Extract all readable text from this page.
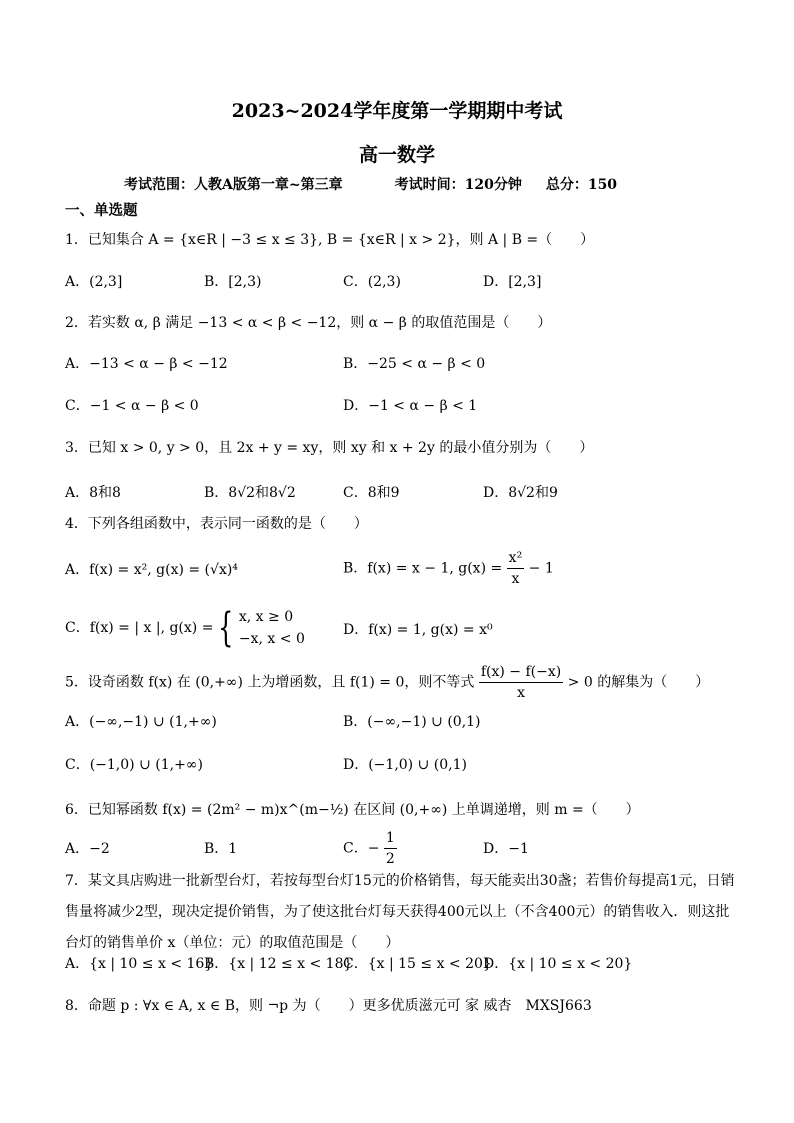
2023~2024学年度第一学期期中考试
高一数学
考试范围：人教A版第一章~第三章	考试时间：120分钟 总分：150
一、单选题
1．已知集合 A = {x∈R | −3 ≤ x ≤ 3}, B = {x∈R | x > 2}，则 A | B =（　　）
A．(2,3]	B．[2,3)	C．(2,3)	D．[2,3]
2．若实数 α, β 满足 −13 < α < β < −12，则 α − β 的取值范围是（　　）
A．−13 < α − β < −12	B．−25 < α − β < 0
C．−1 < α − β < 0	D．−1 < α − β < 1
3．已知 x > 0, y > 0，且 2x + y = xy，则 xy 和 x + 2y 的最小值分别为（　　）
A．8和8	B．8√2和8√2	C．8和9	D．8√2和9
4．下列各组函数中，表示同一函数的是（　　）
A．f(x) = x², g(x) = (√x)⁴	B．f(x) = x − 1, $g(x) = \frac{\text{x²}}{x} - 1$
C．f(x) = | x |, g(x) = { x, x ≥ 0
−x, x < 0
D．f(x) = 1, g(x) = x⁰
5．设奇函数 f(x) 在 (0,+∞) 上为增函数，且 f(1) = 0，则不等式 $\frac{f(x) - f(-x)}{x} > 0$ 的解集为（　　）
A．(−∞,−1) ∪ (1,+∞)	B．(−∞,−1) ∪ (0,1)
C．(−1,0) ∪ (1,+∞)	D．(−1,0) ∪ (0,1)
6．已知幂函数 f(x) = (2m² − m)x^(m−½) 在区间 (0,+∞) 上单调递增，则 m =（　　）
A．−2	B．1	C．− $\frac{1}{2}$	D．−1
7．某文具店购进一批新型台灯，若按每型台灯15元的价格销售，每天能卖出30盏；若售价每提高1元，日销售量将减少2型，现决定提价销售，为了使这批台灯每天获得400元以上（不含400元）的销售收入．则这批台灯的销售单价 x（单位：元）的取值范围是（　　）
A．{x | 10 ≤ x < 16}
B．{x | 12 ≤ x < 18}
C．{x | 15 ≤ x < 20}
D．{x | 10 ≤ x < 20}
8．命题 p : ∀x ∈ A, x ∈ B，则 ¬p 为（　　）更多优质滋元可 家 威杏　MXSJ663
